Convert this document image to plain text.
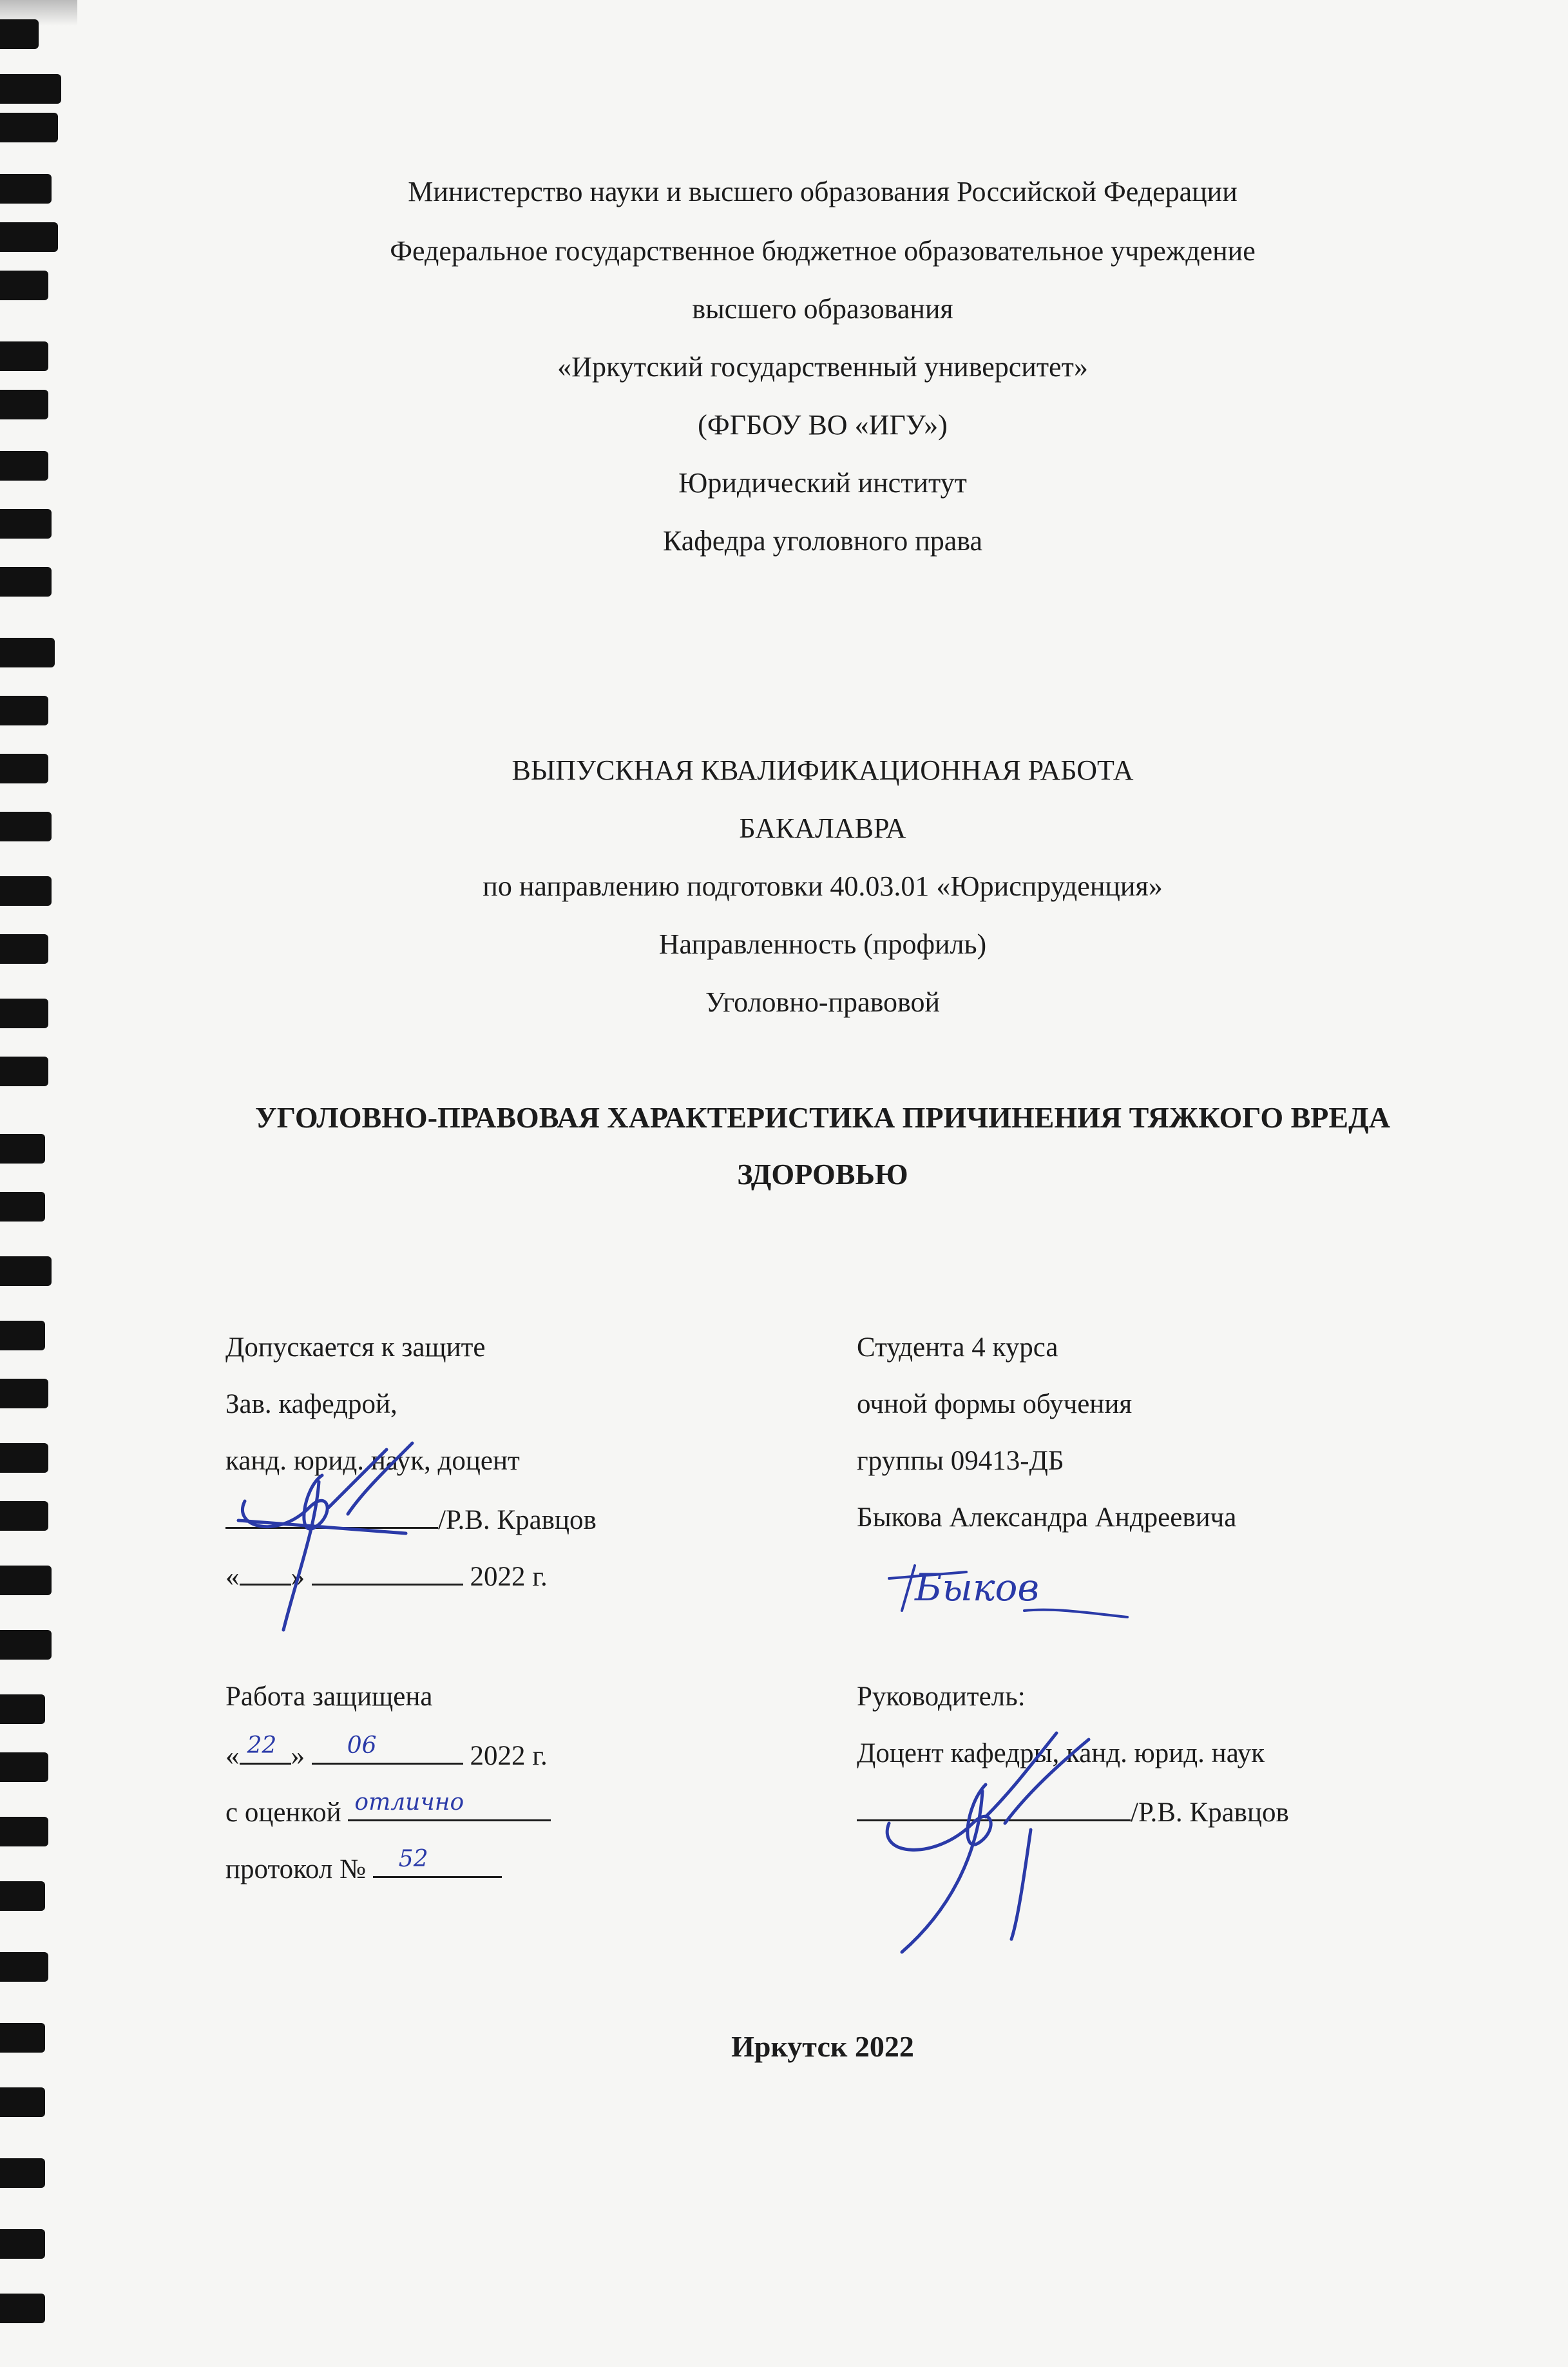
Министерство науки и высшего образования Российской Федерации
Федеральное государственное бюджетное образовательное учреждение
высшего образования
«Иркутский государственный университет»
(ФГБОУ ВО «ИГУ»)
Юридический институт
Кафедра уголовного права
ВЫПУСКНАЯ КВАЛИФИКАЦИОННАЯ РАБОТА
БАКАЛАВРА
по направлению подготовки 40.03.01 «Юриспруденция»
Направленность (профиль)
Уголовно-правовой
УГОЛОВНО-ПРАВОВАЯ ХАРАКТЕРИСТИКА ПРИЧИНЕНИЯ ТЯЖКОГО ВРЕДА
ЗДОРОВЬЮ
Допускается к защите
Зав. кафедрой,
канд. юрид. наук, доцент
/Р.В. Кравцов
« »	2022 г.
Работа защищена
« 22 » 06	2022 г.
с оценкой отлично
протокол № 52
Студента 4 курса
очной формы обучения
группы 09413-ДБ
Быкова Александра Андреевича
Руководитель:
Доцент кафедры, канд. юрид. наук
/Р.В. Кравцов
Быков
Иркутск 2022
